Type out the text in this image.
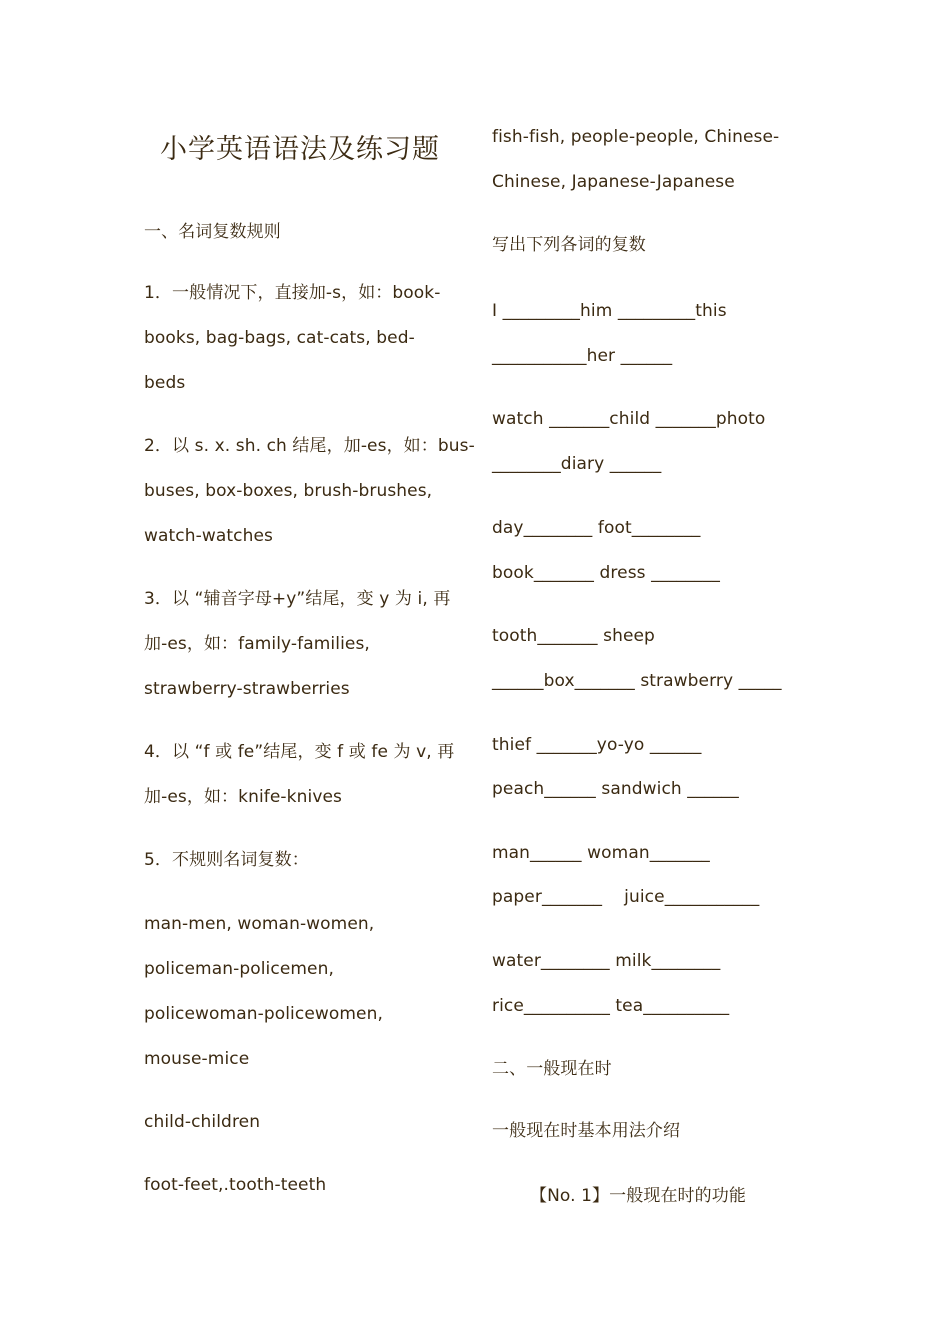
小学英语语法及练习题
一、名词复数规则
1．一般情况下，直接加-s，如：book-
books, bag-bags, cat-cats, bed-
beds
2．以 s. x. sh. ch 结尾，加-es，如：bus-
buses, box-boxes, brush-brushes,
watch-watches
3．以 “辅音字母+y”结尾，变 y 为 i, 再
加-es，如：family-families,
strawberry-strawberries
4．以 “f 或 fe”结尾，变 f 或 fe 为 v, 再
加-es，如：knife-knives
5．不规则名词复数：
man-men, woman-women,
policeman-policemen,
policewoman-policewomen,
mouse-mice
child-children
foot-feet,.tooth-teeth
fish-fish, people-people, Chinese-
Chinese, Japanese-Japanese
写出下列各词的复数
I _________him _________this
___________her ______
watch _______child _______photo
________diary ______
day________ foot________
book_______ dress ________
tooth_______ sheep
______box_______ strawberry _____
thief _______yo-yo ______
peach______ sandwich ______
man______ woman_______
paper_______    juice___________
water________ milk________
rice__________ tea__________
二、一般现在时
一般现在时基本用法介绍
【No. 1】一般现在时的功能
